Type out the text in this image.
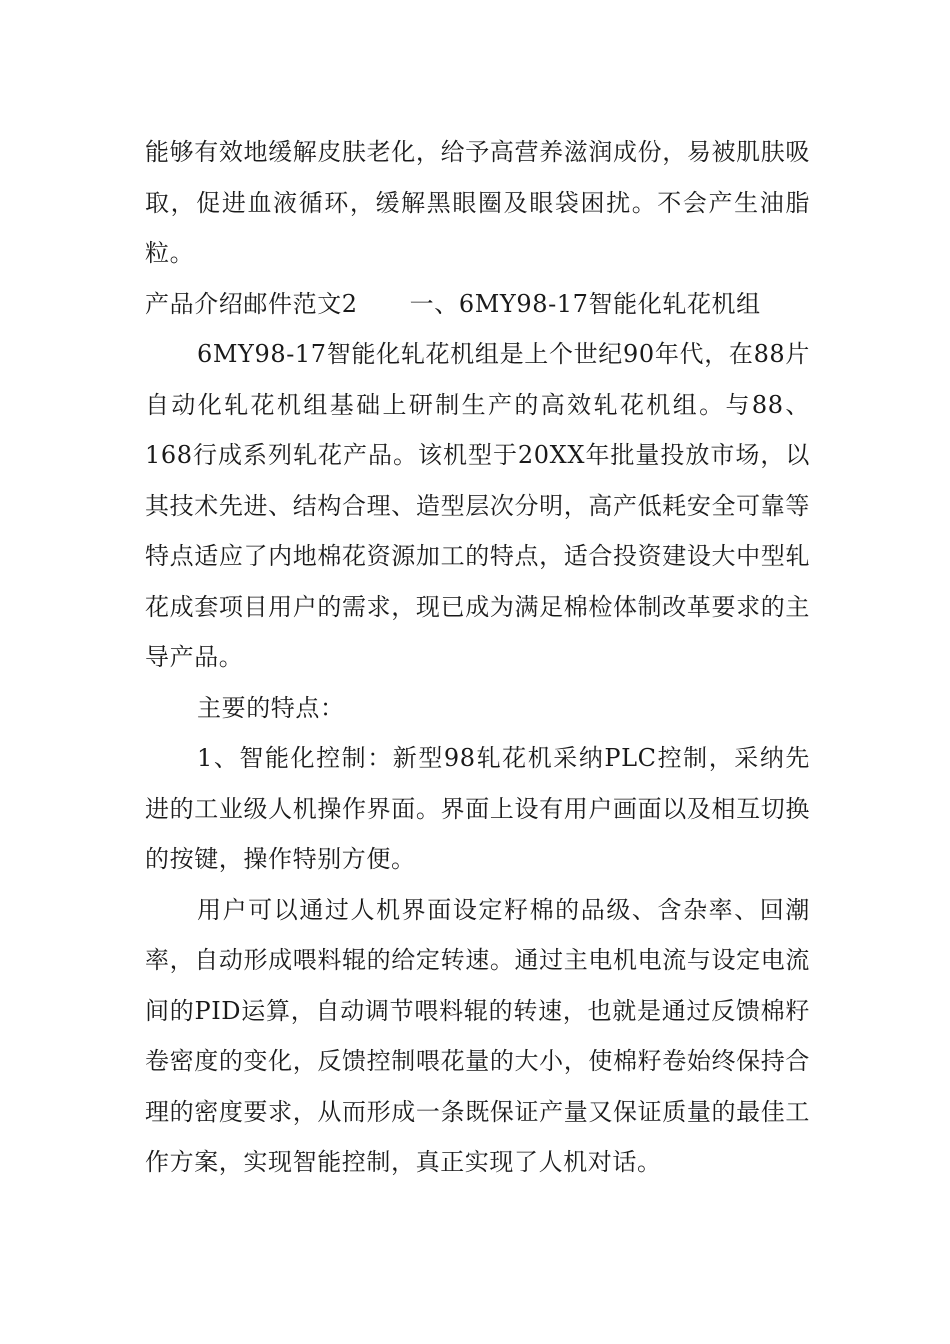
能够有效地缓解皮肤老化，给予高营养滋润成份，易被肌肤吸取，促进血液循环，缓解黑眼圈及眼袋困扰。不会产生油脂粒。

产品介绍邮件范文2 一、6MY98-17智能化轧花机组

6MY98-17智能化轧花机组是上个世纪90年代，在88片自动化轧花机组基础上研制生产的高效轧花机组。与88、168行成系列轧花产品。该机型于20XX年批量投放市场，以其技术先进、结构合理、造型层次分明，高产低耗安全可靠等特点适应了内地棉花资源加工的特点，适合投资建设大中型轧花成套项目用户的需求，现已成为满足棉检体制改革要求的主导产品。

主要的特点：

1、智能化控制：新型98轧花机采纳PLC控制，采纳先进的工业级人机操作界面。界面上设有用户画面以及相互切换的按键，操作特别方便。

用户可以通过人机界面设定籽棉的品级、含杂率、回潮率，自动形成喂料辊的给定转速。通过主电机电流与设定电流间的PID运算，自动调节喂料辊的转速，也就是通过反馈棉籽卷密度的变化，反馈控制喂花量的大小，使棉籽卷始终保持合理的密度要求，从而形成一条既保证产量又保证质量的最佳工作方案，实现智能控制，真正实现了人机对话。
